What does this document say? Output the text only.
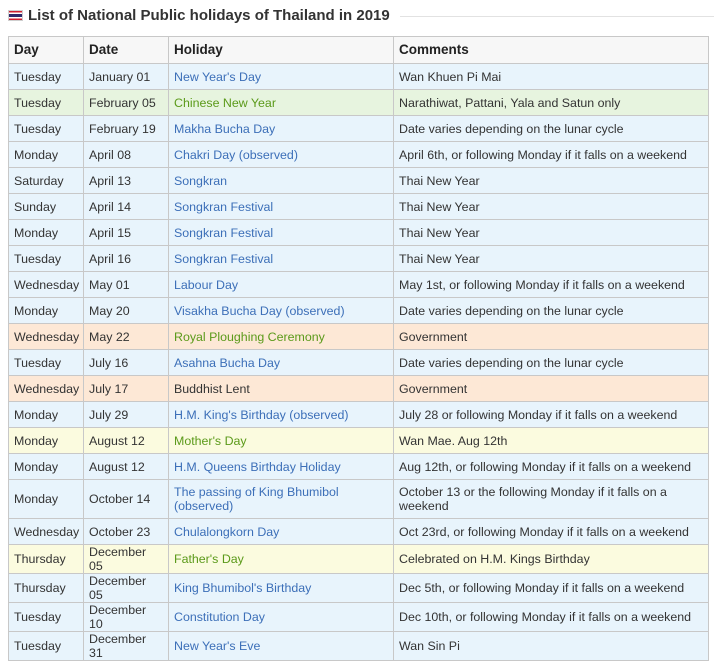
List of National Public holidays of Thailand in 2019
Day	Date	Holiday	Comments
Tuesday	January 01	New Year's Day	Wan Khuen Pi Mai
Tuesday	February 05	Chinese New Year	Narathiwat, Pattani, Yala and Satun only
Tuesday	February 19	Makha Bucha Day	Date varies depending on the lunar cycle
Monday	April 08	Chakri Day (observed)	April 6th, or following Monday if it falls on a weekend
Saturday	April 13	Songkran	Thai New Year
Sunday	April 14	Songkran Festival	Thai New Year
Monday	April 15	Songkran Festival	Thai New Year
Tuesday	April 16	Songkran Festival	Thai New Year
Wednesday	May 01	Labour Day	May 1st, or following Monday if it falls on a weekend
Monday	May 20	Visakha Bucha Day (observed)	Date varies depending on the lunar cycle
Wednesday	May 22	Royal Ploughing Ceremony	Government
Tuesday	July 16	Asahna Bucha Day	Date varies depending on the lunar cycle
Wednesday	July 17	Buddhist Lent	Government
Monday	July 29	H.M. King's Birthday (observed)	July 28 or following Monday if it falls on a weekend
Monday	August 12	Mother's Day	Wan Mae. Aug 12th
Monday	August 12	H.M. Queens Birthday Holiday	Aug 12th, or following Monday if it falls on a weekend
Monday	October 14	The passing of King Bhumibol (observed)	October 13 or the following Monday if it falls on a weekend
Wednesday	October 23	Chulalongkorn Day	Oct 23rd, or following Monday if it falls on a weekend
Thursday	December 05	Father's Day	Celebrated on H.M. Kings Birthday
Thursday	December 05	King Bhumibol's Birthday	Dec 5th, or following Monday if it falls on a weekend
Tuesday	December 10	Constitution Day	Dec 10th, or following Monday if it falls on a weekend
Tuesday	December 31	New Year's Eve	Wan Sin Pi
